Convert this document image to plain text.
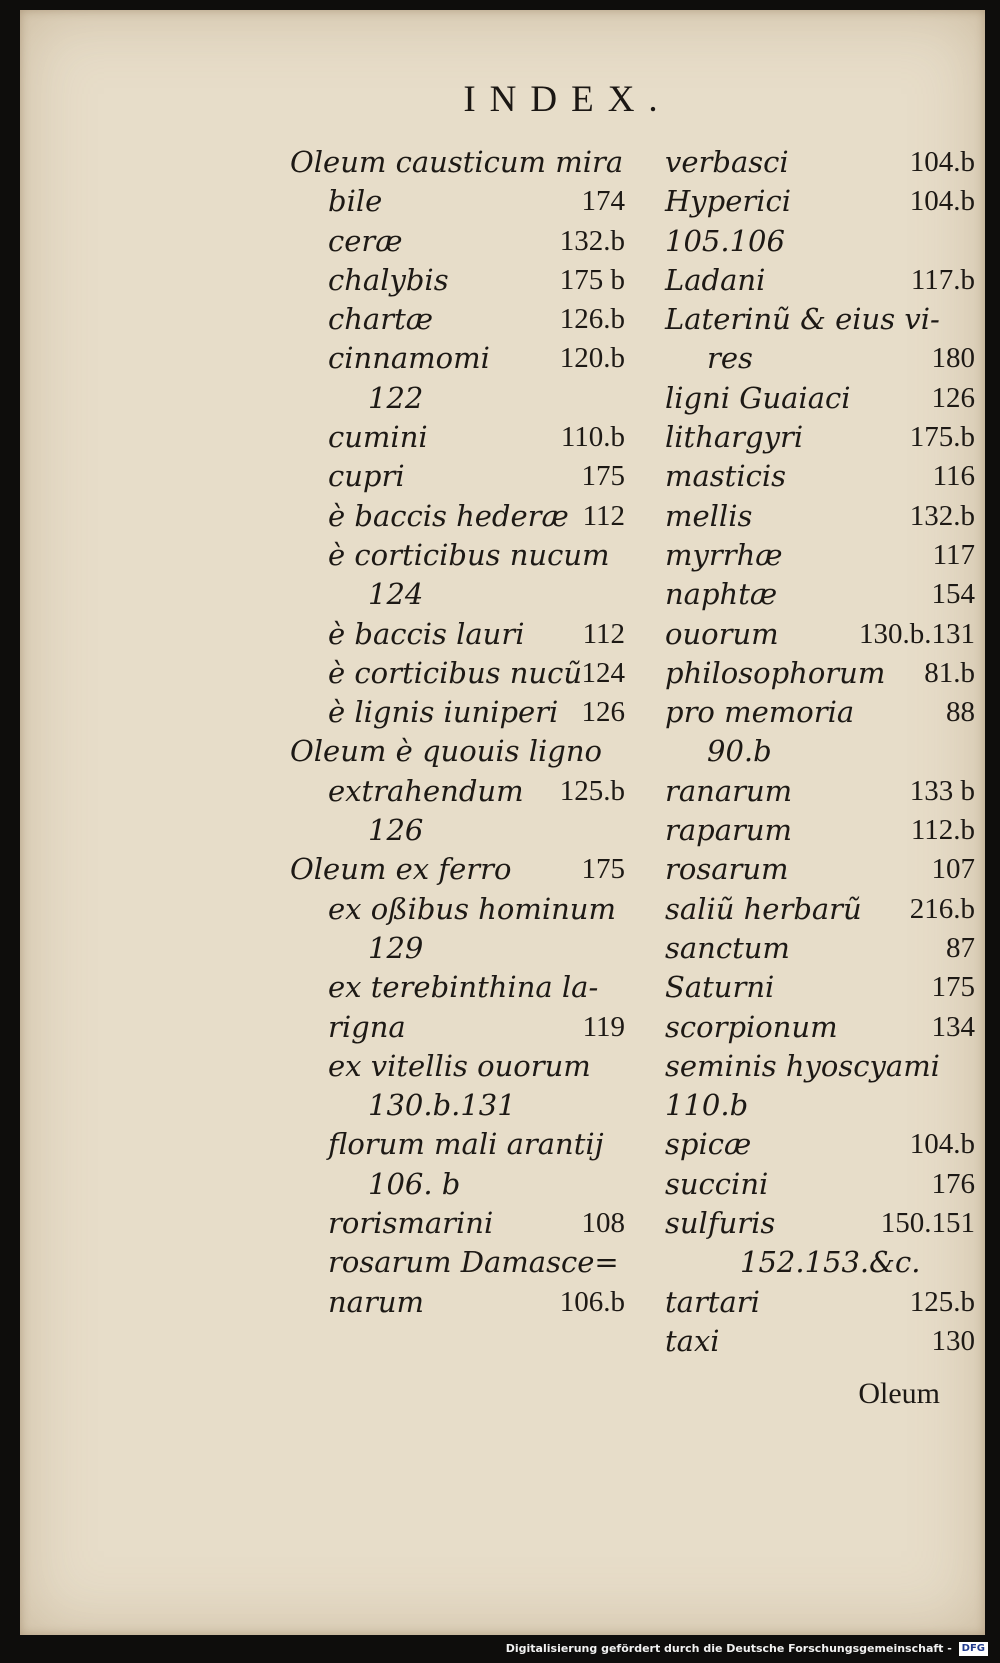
INDEX.
Oleum causticum mira
bile	174
ceræ	132.b
chalybis	175 b
chartæ	126.b
cinnamomi 120.b
122
cumini	110.b
cupri	175
è baccis hederæ 112
è corticibus nucum
124
è baccis lauri 112
è corticibus nucũ 124
è lignis iuniperi 126
Oleum è quouis ligno
extrahendum 125.b
126
Oleum ex ferro 175
ex oßibus hominum
129
ex terebinthina la-
rigna	119
ex vitellis ouorum
130.b.131
florum mali arantij
106. b
rorismarini	108
rosarum Damasce=
narum	106.b
verbasci	104.b
Hyperici	104.b
105.106
Ladani	117.b
Laterinũ & eius vi-
res	180
ligni Guaiaci	126
lithargyri	175.b
masticis	116
mellis	132.b
myrrhæ	117
naphtæ	154
ouorum	130.b.131
philosophorum 81.b
pro memoria	88
90.b
ranarum	133 b
raparum	112.b
rosarum	107
saliũ herbarũ 216.b
sanctum	87
Saturni	175
scorpionum	134
seminis hyoscyami
110.b
spicæ	104.b
succini	176
sulfuris	150.151
152.153.&c.
tartari	125.b
taxi	130
Oleum
Digitalisierung gefördert durch die Deutsche Forschungsgemeinschaft - DFG
